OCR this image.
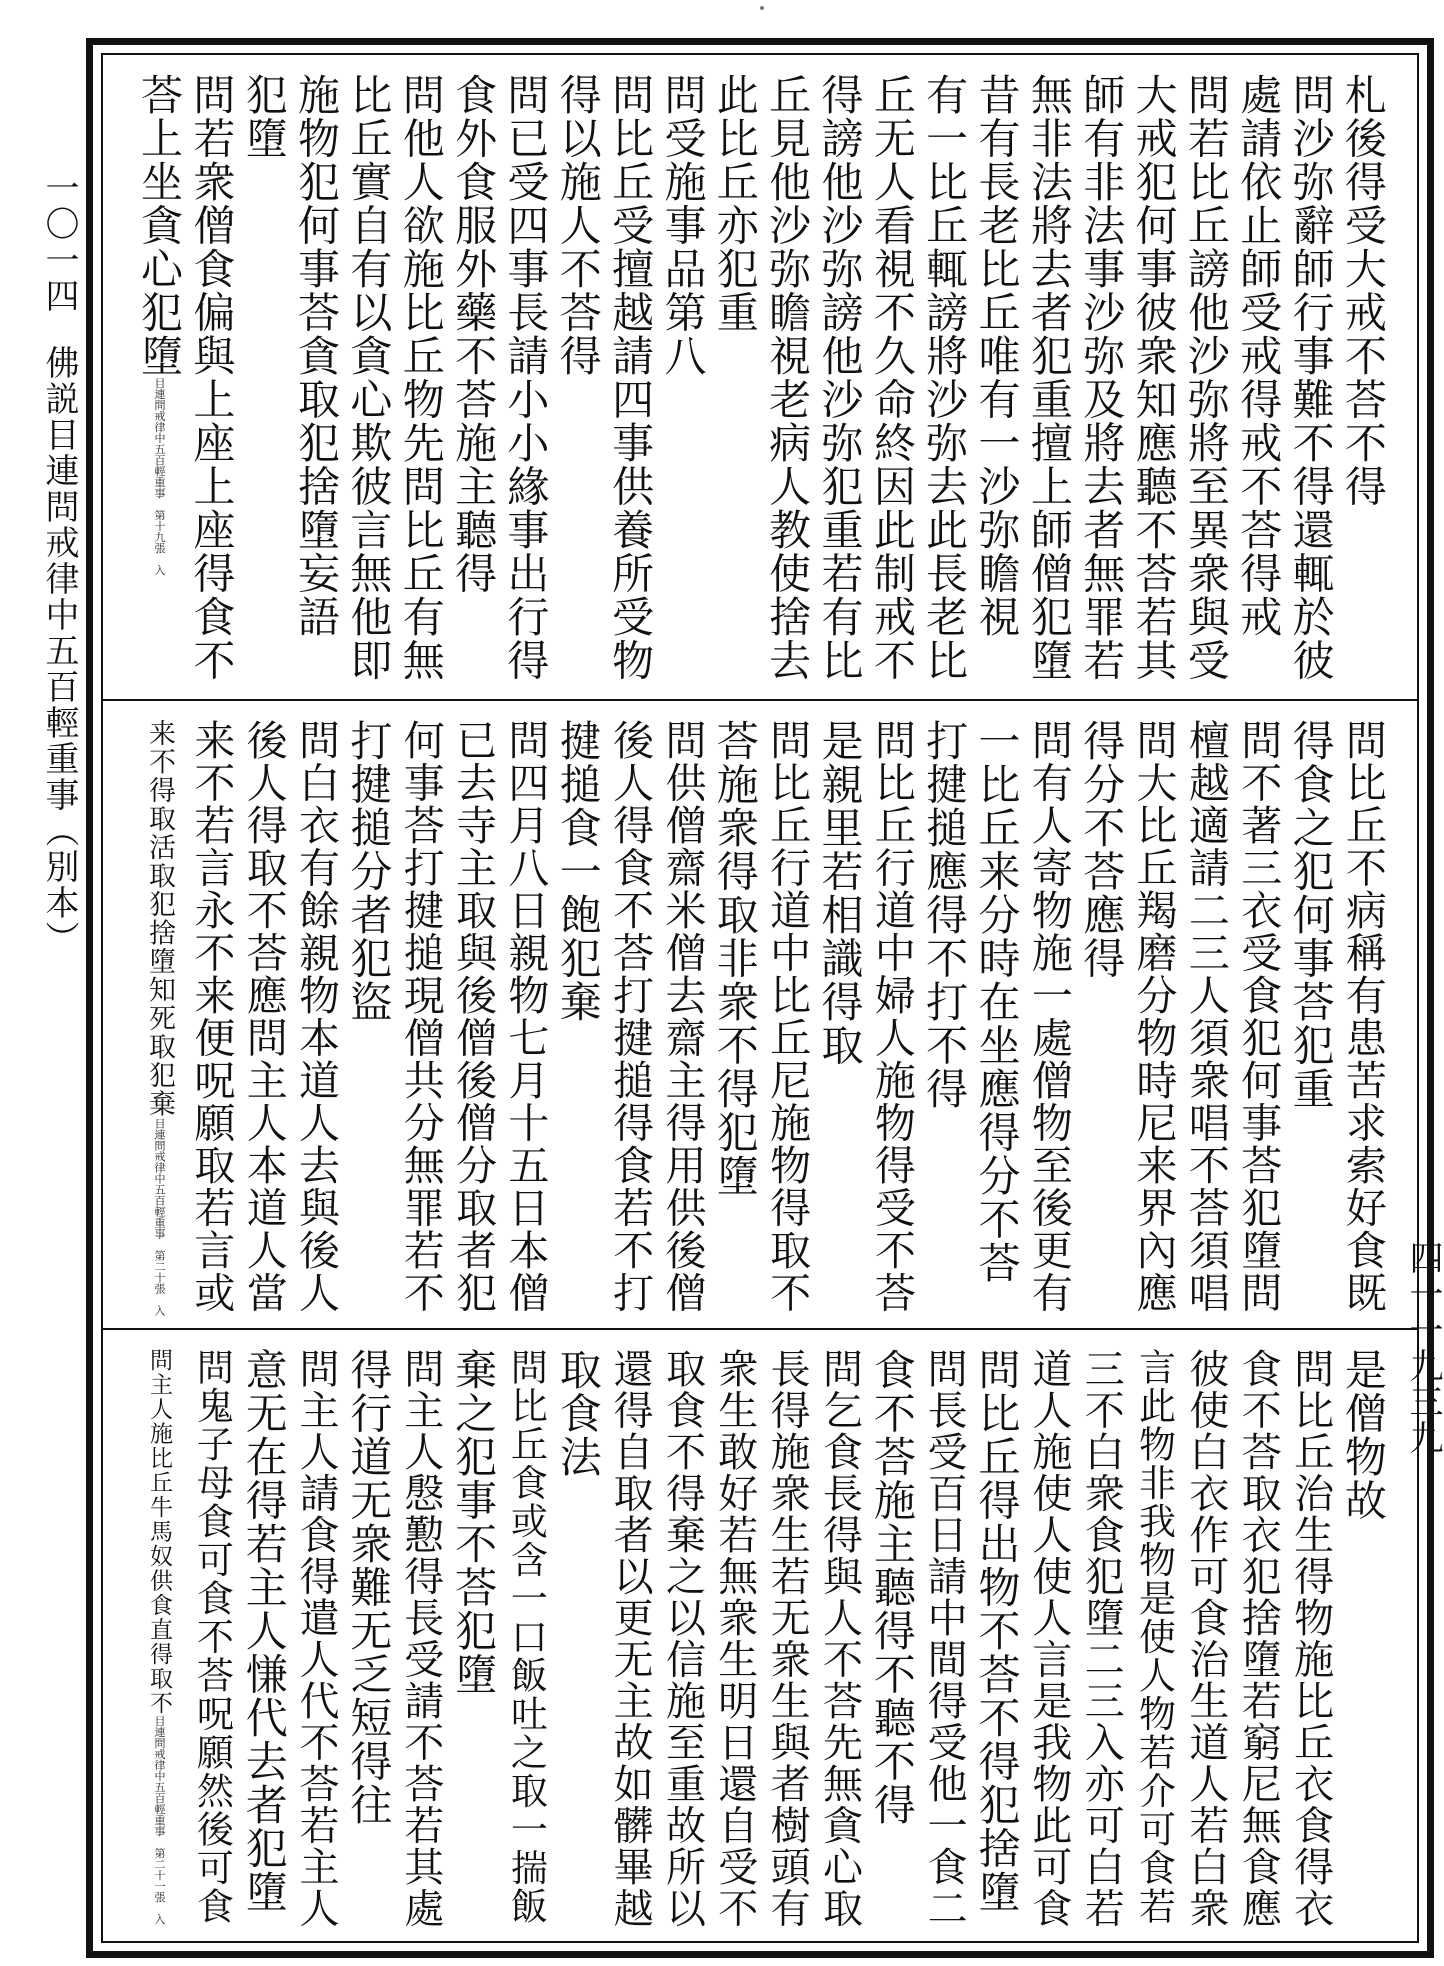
一〇一四 佛説目連問戒律中五百輕重事（別本）
四一一九三九
札後得受大戒不荅不得
問沙弥辭師行事難不得還輒於彼
處請依止師受戒得戒不荅得戒
問若比丘謗他沙弥將至異衆與受
大戒犯何事彼衆知應聽不荅若其
師有非法事沙弥及將去者無罪若
無非法將去者犯重擅上師僧犯墮
昔有長老比丘唯有一沙弥瞻視
有一比丘輒謗將沙弥去此長老比
丘无人看視不久命終因此制戒不
得謗他沙弥謗他沙弥犯重若有比
丘見他沙弥瞻視老病人教使捨去
此比丘亦犯重
問受施事品第八
問比丘受擅越請四事供養所受物
得以施人不荅得
問已受四事長請小小緣事出行得
食外食服外藥不荅施主聽得
問他人欲施比丘物先問比丘有無
比丘實自有以貪心欺彼言無他即
施物犯何事荅貪取犯捨墮妄語
犯墮
問若衆僧食偏與上座上座得食不
荅上坐貪心犯墮目連問戒律中五百輕重事　第十九張　入
問比丘不病稱有患苦求索好食既
得食之犯何事荅犯重
問不著三衣受食犯何事荅犯墮問
檀越適請二三人須衆唱不荅須唱
問大比丘羯磨分物時尼来界內應
得分不荅應得
問有人寄物施一處僧物至後更有
一比丘来分時在坐應得分不荅
打揵搥應得不打不得
問比丘行道中婦人施物得受不荅
是親里若相識得取
問比丘行道中比丘尼施物得取不
荅施衆得取非衆不得犯墮
問供僧齋米僧去齋主得用供後僧
後人得食不荅打揵搥得食若不打
揵搥食一飽犯棄
問四月八日親物七月十五日本僧
已去寺主取與後僧後僧分取者犯
何事荅打揵搥現僧共分無罪若不
打揵搥分者犯盜
問白衣有餘親物本道人去與後人
後人得取不荅應問主人本道人當
来不若言永不来便呪願取若言或
来不得取活取犯捨墮知死取犯棄目連問戒律中五百輕重事　第二十張　入
是僧物故
問比丘治生得物施比丘衣食得衣
食不荅取衣犯捨墮若窮尼無食應
彼使白衣作可食治生道人若白衆
言此物非我物是使人物若介可食若
三不白衆食犯墮二三入亦可白若
道人施使人使人言是我物此可食
問比丘得出物不荅不得犯捨墮
問長受百日請中間得受他一食二
食不荅施主聽得不聽不得
問乞食長得與人不荅先無貪心取
長得施衆生若无衆生與者樹頭有
衆生敢好若無衆生明日還自受不
取食不得棄之以信施至重故所以
還得自取者以更无主故如髒畢越
取食法
問比丘食或含一口飯吐之取一揣飯
棄之犯事不荅犯墮
問主人慇懃得長受請不荅若其處
得行道无衆難无乏短得往
問主人請食得遣人代不荅若主人
意无在得若主人慊代去者犯墮
問鬼子母食可食不荅呪願然後可食
問主人施比丘牛馬奴供食直得取不目連問戒律中五百輕重事　第二十一張　入
